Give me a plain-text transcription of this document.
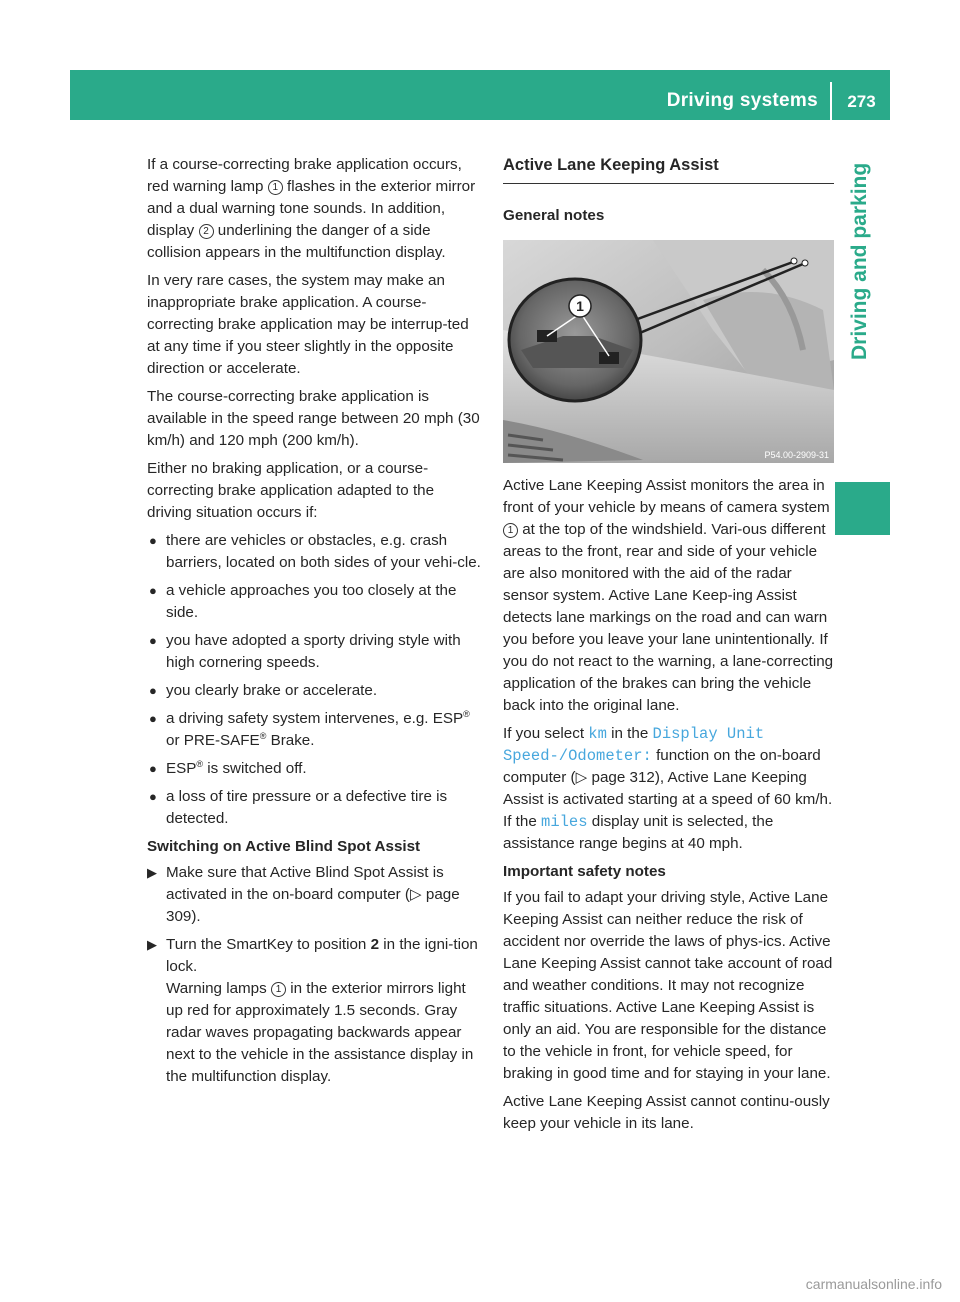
Driving systems	273
Driving and parking

If a course-correcting brake application occurs, red warning lamp 1 flashes in the exterior mirror and a dual warning tone sounds. In addition, display 2 underlining the danger of a side collision appears in the multifunction display.

In very rare cases, the system may make an inappropriate brake application. A course-correcting brake application may be interrup-ted at any time if you steer slightly in the opposite direction or accelerate.

The course-correcting brake application is available in the speed range between 20 mph (30 km/h) and 120 mph (200 km/h).

Either no braking application, or a course-correcting brake application adapted to the driving situation occurs if:

● there are vehicles or obstacles, e.g. crash barriers, located on both sides of your vehi-cle.
● a vehicle approaches you too closely at the side.
● you have adopted a sporty driving style with high cornering speeds.
● you clearly brake or accelerate.
● a driving safety system intervenes, e.g. ESP® or PRE-SAFE® Brake.
● ESP® is switched off.
● a loss of tire pressure or a defective tire is detected.
Switching on Active Blind Spot Assist
▶ Make sure that Active Blind Spot Assist is activated in the on-board computer (▷ page 309).
▶ Turn the SmartKey to position 2 in the igni-tion lock.
Warning lamps 1 in the exterior mirrors light up red for approximately 1.5 seconds. Gray radar waves propagating backwards appear next to the vehicle in the assistance display in the multifunction display.
Active Lane Keeping Assist
General notes
1
P54.00-2909-31

Active Lane Keeping Assist monitors the area in front of your vehicle by means of camera system 1 at the top of the windshield. Vari-ous different areas to the front, rear and side of your vehicle are also monitored with the aid of the radar sensor system. Active Lane Keep-ing Assist detects lane markings on the road and can warn you before you leave your lane unintentionally. If you do not react to the warning, a lane-correcting application of the brakes can bring the vehicle back into the original lane.

If you select km in the Display Unit Speed-/Odometer: function on the on-board computer (▷ page 312), Active Lane Keeping Assist is activated starting at a speed of 60 km/h. If the miles display unit is selected, the assistance range begins at 40 mph.

Important safety notes

If you fail to adapt your driving style, Active Lane Keeping Assist can neither reduce the risk of accident nor override the laws of phys-ics. Active Lane Keeping Assist cannot take account of road and weather conditions. It may not recognize traffic situations. Active Lane Keeping Assist is only an aid. You are responsible for the distance to the vehicle in front, for vehicle speed, for braking in good time and for staying in your lane.

Active Lane Keeping Assist cannot continu-ously keep your vehicle in its lane.

carmanualsonline.info
